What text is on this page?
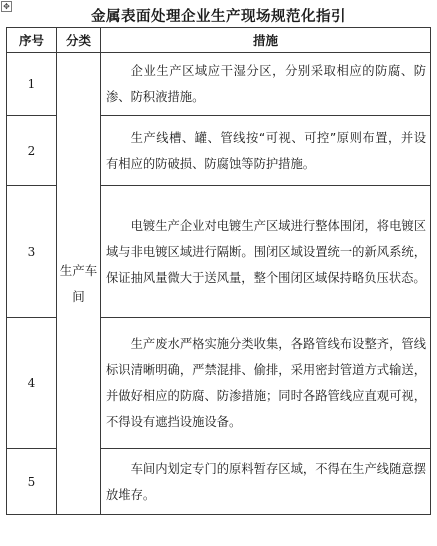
✥
金属表面处理企业生产现场规范化指引
序号	分类	措施
1	生产车间	企业生产区域应干湿分区，分别采取相应的防腐、防渗、防积液措施。
2		生产线槽、罐、管线按“可视、可控”原则布置，并设有相应的防破损、防腐蚀等防护措施。
3		电镀生产企业对电镀生产区域进行整体围闭，将电镀区域与非电镀区域进行隔断。围闭区域设置统一的新风系统，保证抽风量微大于送风量，整个围闭区域保持略负压状态。
4		生产废水严格实施分类收集，各路管线布设整齐，管线标识清晰明确，严禁混排、偷排，采用密封管道方式输送，并做好相应的防腐、防渗措施；同时各路管线应直观可视，不得设有遮挡设施设备。
5		车间内划定专门的原料暂存区域，不得在生产线随意摆放堆存。
